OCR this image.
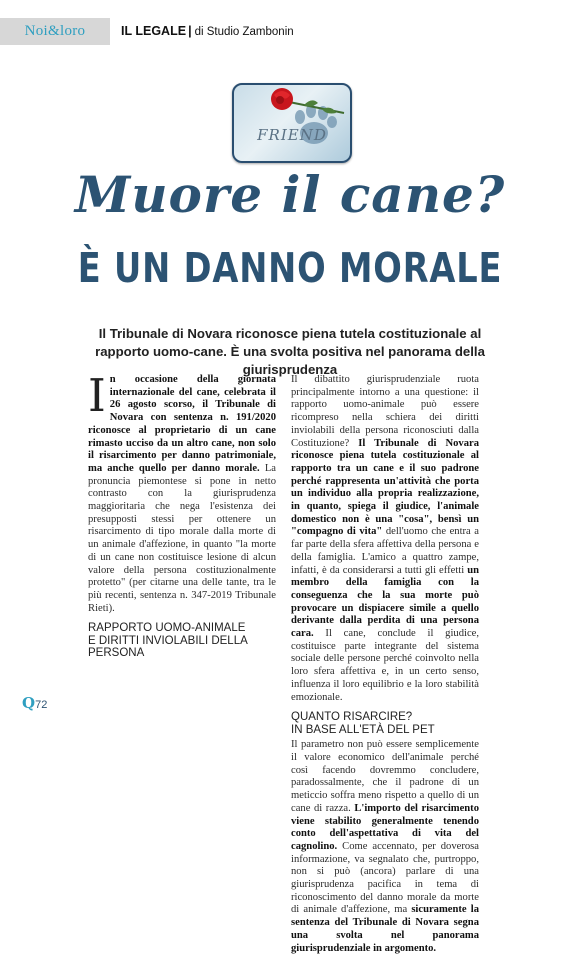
Noi&loro	IL LEGALE | di Studio Zambonin
FRIEND
Muore il cane?
È UN DANNO MORALE
Il Tribunale di Novara riconosce piena tutela costituzionale al rapporto uomo-cane. È una svolta positiva nel panorama della giurisprudenza

In occasione della giornata internazionale del cane, celebrata il 26 agosto scorso, il Tribunale di Novara con sentenza n. 191/2020 riconosce al proprietario di un cane rimasto ucciso da un altro cane, non solo il risarcimento per danno patrimoniale, ma anche quello per danno morale. La pronuncia piemontese si pone in netto contrasto con la giurisprudenza maggioritaria che nega l'esistenza dei presupposti stessi per ottenere un risarcimento di tipo morale dalla morte di un animale d'affezione, in quanto "la morte di un cane non costituisce lesione di alcun valore della persona costituzionalmente protetto" (per citarne una delle tante, tra le più recenti, sentenza n. 347-2019 Tribunale Rieti).

RAPPORTO UOMO-ANIMALE
E DIRITTI INVIOLABILI DELLA PERSONA

Il dibattito giurisprudenziale ruota principalmente intorno a una questione: il rapporto uomo-animale può essere ricompreso nella schiera dei diritti inviolabili della persona riconosciuti dalla Costituzione? Il Tribunale di Novara riconosce piena tutela costituzionale al rapporto tra un cane e il suo padrone perché rappresenta un'attività che porta un individuo alla propria realizzazione, in quanto, spiega il giudice, l'animale domestico non è una "cosa", bensì un "compagno di vita" dell'uomo che entra a far parte della sfera affettiva della persona e della famiglia. L'amico a quattro zampe, infatti, è da considerarsi a tutti gli effetti un membro della famiglia con la conseguenza che la sua morte può provocare un dispiacere simile a quello derivante dalla perdita di una persona cara. Il cane, conclude il giudice, costituisce parte integrante del sistema sociale delle persone perché coinvolto nella loro sfera affettiva e, in un certo senso, influenza il loro equilibrio e la loro stabilità emozionale.

QUANTO RISARCIRE?
IN BASE ALL'ETÀ DEL PET

Il parametro non può essere semplicemente il valore economico dell'animale perché così facendo dovremmo concludere, paradossalmente, che il padrone di un meticcio soffra meno rispetto a quello di un cane di razza. L'importo del risarcimento viene stabilito generalmente tenendo conto dell'aspettativa di vita del cagnolino. Come accennato, per doverosa informazione, va segnalato che, purtroppo, non si può (ancora) parlare di una giurisprudenza pacifica in tema di riconoscimento del danno morale da morte di animale d'affezione, ma sicuramente la sentenza del Tribunale di Novara segna una svolta nel panorama giurisprudenziale in argomento.

Q72
